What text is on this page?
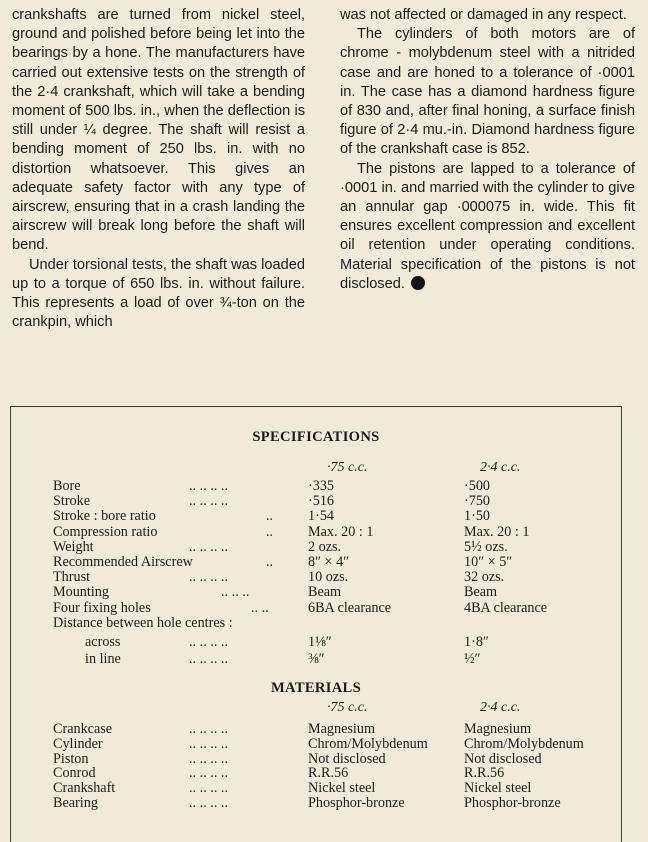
crankshafts are turned from nickel steel, ground and polished before being let into the bearings by a hone. The manufacturers have carried out extensive tests on the strength of the 2·4 crankshaft, which will take a bending moment of 500 lbs. in., when the deflection is still under ¼ degree. The shaft will resist a bending moment of 250 lbs. in. with no distortion whatsoever. This gives an adequate safety factor with any type of airscrew, ensuring that in a crash landing the airscrew will break long before the shaft will bend.

Under torsional tests, the shaft was loaded up to a torque of 650 lbs. in. without failure. This represents a load of over ¾-ton on the crankpin, which

was not affected or damaged in any respect.

The cylinders of both motors are of chrome - molybdenum steel with a nitrided case and are honed to a tolerance of ·0001 in. The case has a diamond hardness figure of 830 and, after final honing, a surface finish figure of 2·4 mu.-in. Diamond hardness figure of the crankshaft case is 852.

The pistons are lapped to a tolerance of ·0001 in. and married with the cylinder to give an annular gap ·000075 in. wide. This fit ensures excellent compression and excellent oil retention under operating conditions. Material specification of the pistons is not disclosed.

SPECIFICATIONS
·75 c.c.	2·4 c.c.
Bore	.. .. .. ..	·335	·500
Stroke	.. .. .. ..	·516	·750
Stroke : bore ratio	.. 1·54	1·50
Compression ratio	.. Max. 20 : 1	Max. 20 : 1
Weight	.. .. .. ..	2 ozs.	5½ ozs.
Recommended Airscrew	.. 8″ × 4″	10″ × 5″
Thrust	.. .. .. ..	10 ozs.	32 ozs.
Mounting	.. .. ..	Beam	Beam
Four fixing holes	.. ..	6BA clearance	4BA clearance
Distance between hole centres :
across	.. .. .. ..	1⅛″	1·8″
in line	.. .. .. ..	⅜″	½″
MATERIALS
·75 c.c.	2·4 c.c.
Crankcase	.. .. .. ..	Magnesium	Magnesium
Cylinder	.. .. .. ..	Chrom/Molybdenum	Chrom/Molybdenum
Piston	.. .. .. ..	Not disclosed	Not disclosed
Conrod	.. .. .. ..	R.R.56	R.R.56
Crankshaft	.. .. .. ..	Nickel steel	Nickel steel
Bearing	.. .. .. ..	Phosphor-bronze	Phosphor-bronze
